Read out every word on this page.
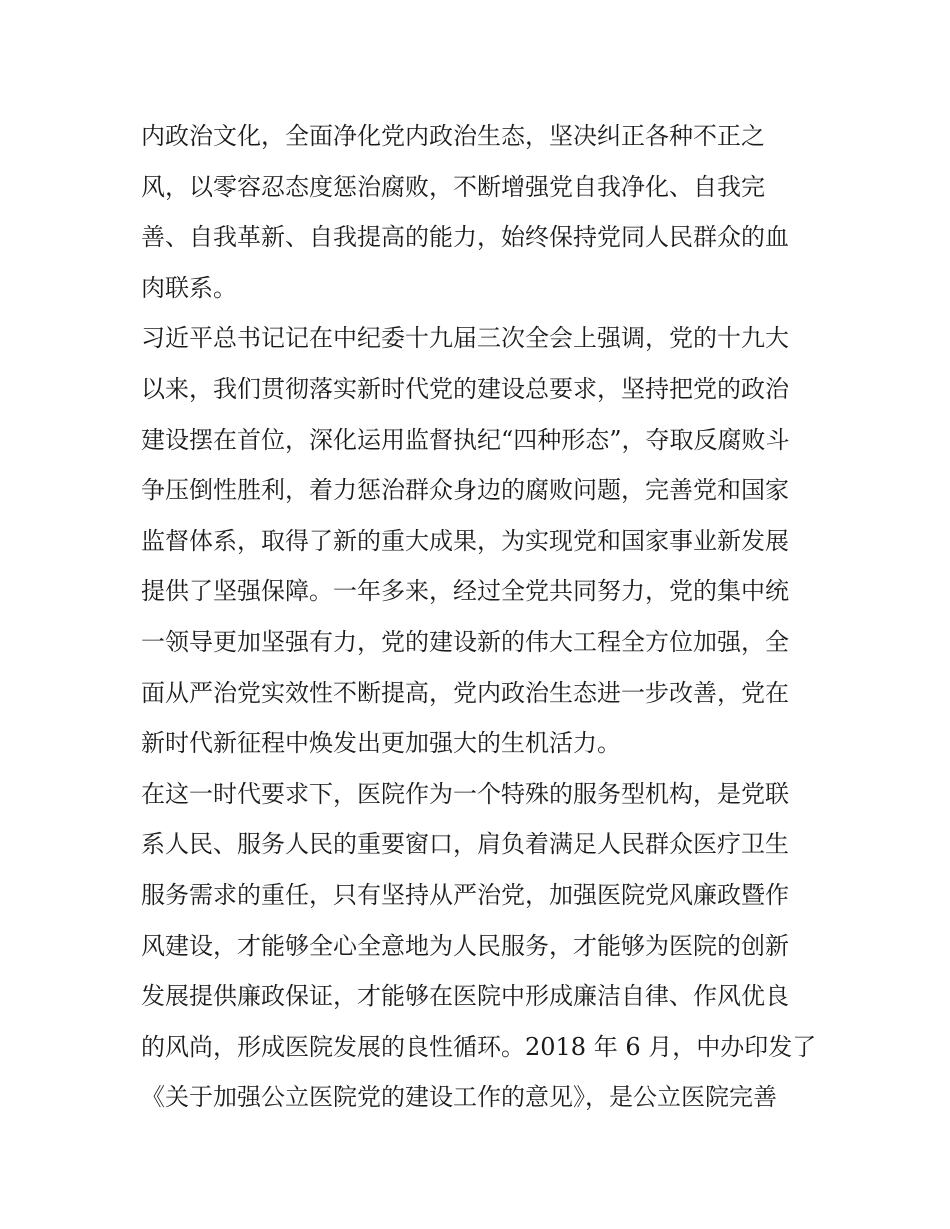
内政治文化，全面净化党内政治生态，坚决纠正各种不正之
风，以零容忍态度惩治腐败，不断增强党自我净化、自我完
善、自我革新、自我提高的能力，始终保持党同人民群众的血
肉联系。
习近平总书记记在中纪委十九届三次全会上强调，党的十九大
以来，我们贯彻落实新时代党的建设总要求，坚持把党的政治
建设摆在首位，深化运用监督执纪“四种形态”，夺取反腐败斗
争压倒性胜利，着力惩治群众身边的腐败问题，完善党和国家
监督体系，取得了新的重大成果，为实现党和国家事业新发展
提供了坚强保障。一年多来，经过全党共同努力，党的集中统
一领导更加坚强有力，党的建设新的伟大工程全方位加强，全
面从严治党实效性不断提高，党内政治生态进一步改善，党在
新时代新征程中焕发出更加强大的生机活力。
在这一时代要求下，医院作为一个特殊的服务型机构，是党联
系人民、服务人民的重要窗口，肩负着满足人民群众医疗卫生
服务需求的重任，只有坚持从严治党，加强医院党风廉政暨作
风建设，才能够全心全意地为人民服务，才能够为医院的创新
发展提供廉政保证，才能够在医院中形成廉洁自律、作风优良
的风尚，形成医院发展的良性循环。2018 年 6 月，中办印发了
《关于加强公立医院党的建设工作的意见》，是公立医院完善
